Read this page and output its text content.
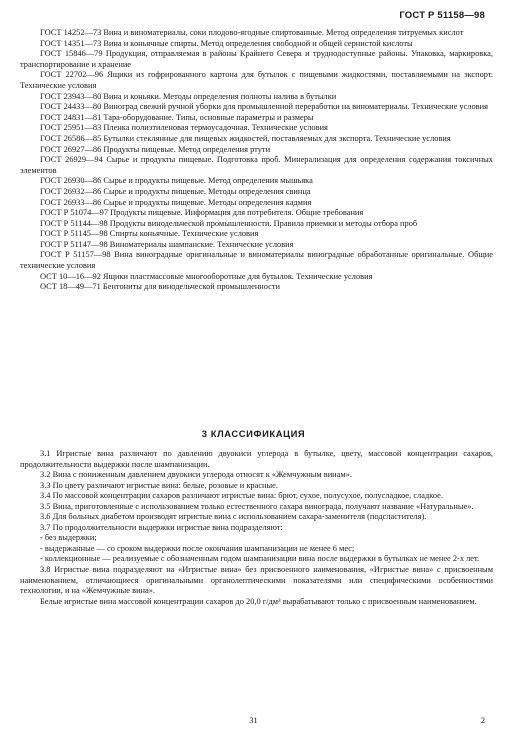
ГОСТ Р 51158—98

ГОСТ 14252—73 Вина и виноматериалы, соки плодово-ягодные спиртованные. Метод определения титруемых кислот

ГОСТ 14351—73 Вина и коньячные спирты. Метод определения свободной и общей сернистой кислоты

ГОСТ 15846—79 Продукция, отправляемая в районы Крайнего Севера и труднодоступные районы. Упаковка, маркировка, транспортирование и хранение

ГОСТ 22702—96 Ящики из гофрированного картона для бутылок с пищевыми жидкостями, поставляемыми на экспорт. Технические условия

ГОСТ 23943—80 Вина и коньяки. Методы определения полноты налива в бутылки

ГОСТ 24433—80 Виноград свежий ручной уборки для промышленной переработки на виноматериалы. Технические условия

ГОСТ 24831—81 Тара-оборудование. Типы, основные параметры и размеры

ГОСТ 25951—83 Пленка полиэтиленовая термоусадочная. Технические условия

ГОСТ 26586—85 Бутылки стеклянные для пищевых жидкостей, поставляемых для экспорта. Технические условия

ГОСТ 26927—86 Продукты пищевые. Метод определения ртути

ГОСТ 26929—94 Сырье и продукты пищевые. Подготовка проб. Минерализация для определения содержания токсичных элементов

ГОСТ 26930—86 Сырье и продукты пищевые. Метод определения мышьяка

ГОСТ 26932—86 Сырье и продукты пищевые. Методы определения свинца

ГОСТ 26933—86 Сырье и продукты пищевые. Методы определения кадмия

ГОСТ Р 51074—97 Продукты пищевые. Информация для потребителя. Общие требования

ГОСТ Р 51144—98 Продукты винодельческой промышленности. Правила приемки и методы отбора проб

ГОСТ Р 51145—98 Спирты коньячные. Технические условия

ГОСТ Р 51147—98 Виноматериалы шампанские. Технические условия

ГОСТ Р 51157—98 Вина виноградные оригинальные и виноматериалы виноградные обработанные оригинальные. Общие технические условия

ОСТ 10—16—92 Ящики пластмассовые многооборотные для бутылок. Технические условия

ОСТ 18—49—71 Бентониты для винодельческой промышленности

3 КЛАССИФИКАЦИЯ

3.1 Игристые вина различают по давлению двуокиси углерода в бутылке, цвету, массовой концентрации сахаров, продолжительности выдержки после шампанизации.

3.2 Вина с пониженным давлением двуокиси углерода относят к «Жемчужным винам».

3.3 По цвету различают игристые вина: белые, розовые и красные.

3.4 По массовой концентрации сахаров различают игристые вина: брют, сухое, полусухое, полусладкое, сладкое.

3.5 Вина, приготовленные с использованием только естественного сахара винограда, получают название «Натуральные».

3.6 Для больных диабетом производят игристые вина с использованием сахара-заменителя (подсластителя).

3.7 По продолжительности выдержки игристые вина подразделяют:

- без выдержки;

- выдержанные — со сроком выдержки после окончания шампанизации не менее 6 мес;

- коллекционные — реализуемые с обозначенным годом шампанизации вина после выдержки в бутылках не менее 2-х лет.

3.8 Игристые вина подразделяют на «Игристые вина» без присвоенного наименования, «Игристые вина» с присвоенным наименованием, отличающиеся оригинальными органолептическими показателями или специфическими особенностями технологии, и на «Жемчужные вина».

Белые игристые вина массовой концентрации сахаров до 20,0 г/дм³ вырабатывают только с присвоенным наименованием.

31	2
